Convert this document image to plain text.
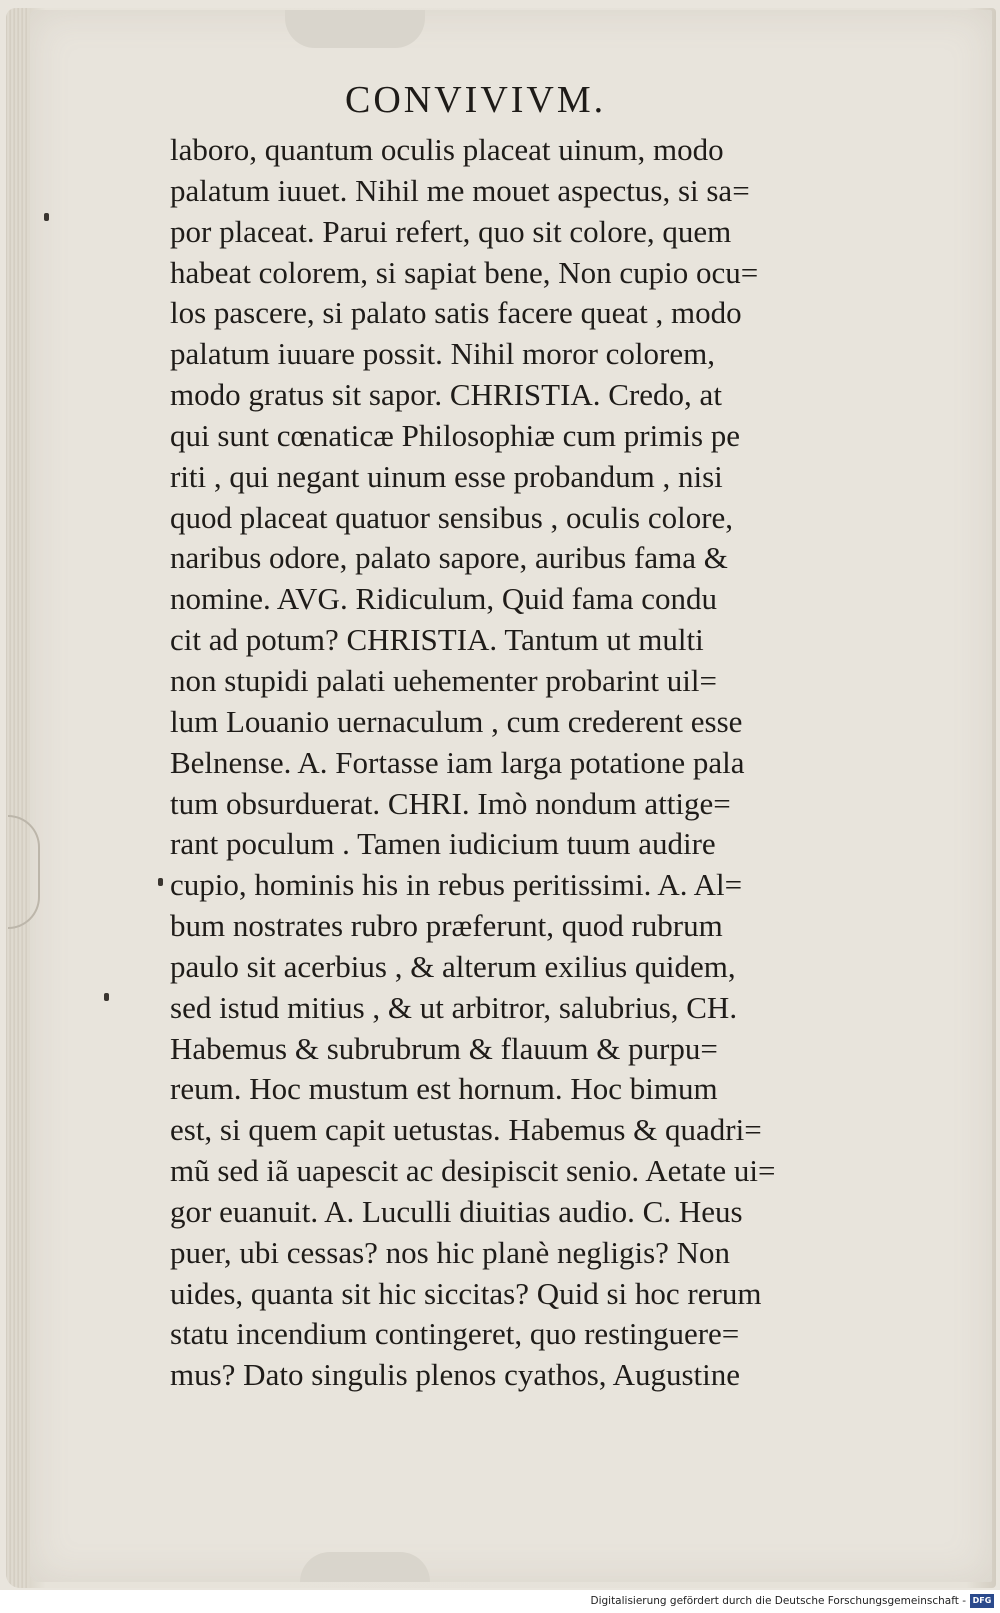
CONVIVIVM.
laboro, quantum oculis placeat uinum, modo
palatum iuuet. Nihil me mouet aspectus, si sa=
por placeat. Parui refert, quo sit colore, quem
habeat colorem, si sapiat bene, Non cupio ocu=
los pascere, si palato satis facere queat , modo
palatum iuuare possit. Nihil moror colorem,
modo gratus sit sapor. CHRISTIA. Credo, at
qui sunt cœnaticæ Philosophiæ cum primis pe
riti , qui negant uinum esse probandum , nisi
quod placeat quatuor sensibus , oculis colore,
naribus odore, palato sapore, auribus fama &
nomine. AVG. Ridiculum, Quid fama condu
cit ad potum? CHRISTIA. Tantum ut multi
non stupidi palati uehementer probarint uil=
lum Louanio uernaculum , cum crederent esse
Belnense. A. Fortasse iam larga potatione pala
tum obsurduerat. CHRI. Imò nondum attige=
rant poculum . Tamen iudicium tuum audire
cupio, hominis his in rebus peritissimi. A. Al=
bum nostrates rubro præferunt, quod rubrum
paulo sit acerbius , & alterum exilius quidem,
sed istud mitius , & ut arbitror, salubrius, CH.
Habemus & subrubrum & flauum & purpu=
reum. Hoc mustum est hornum. Hoc bimum
est, si quem capit uetustas. Habemus & quadri=
mũ sed iã uapescit ac desipiscit senio. Aetate ui=
gor euanuit. A. Luculli diuitias audio. C. Heus
puer, ubi cessas? nos hic planè negligis? Non
uides, quanta sit hic siccitas? Quid si hoc rerum
statu incendium contingeret, quo restinguere=
mus? Dato singulis plenos cyathos, Augustine
Digitalisierung gefördert durch die Deutsche Forschungsgemeinschaft - DFG
